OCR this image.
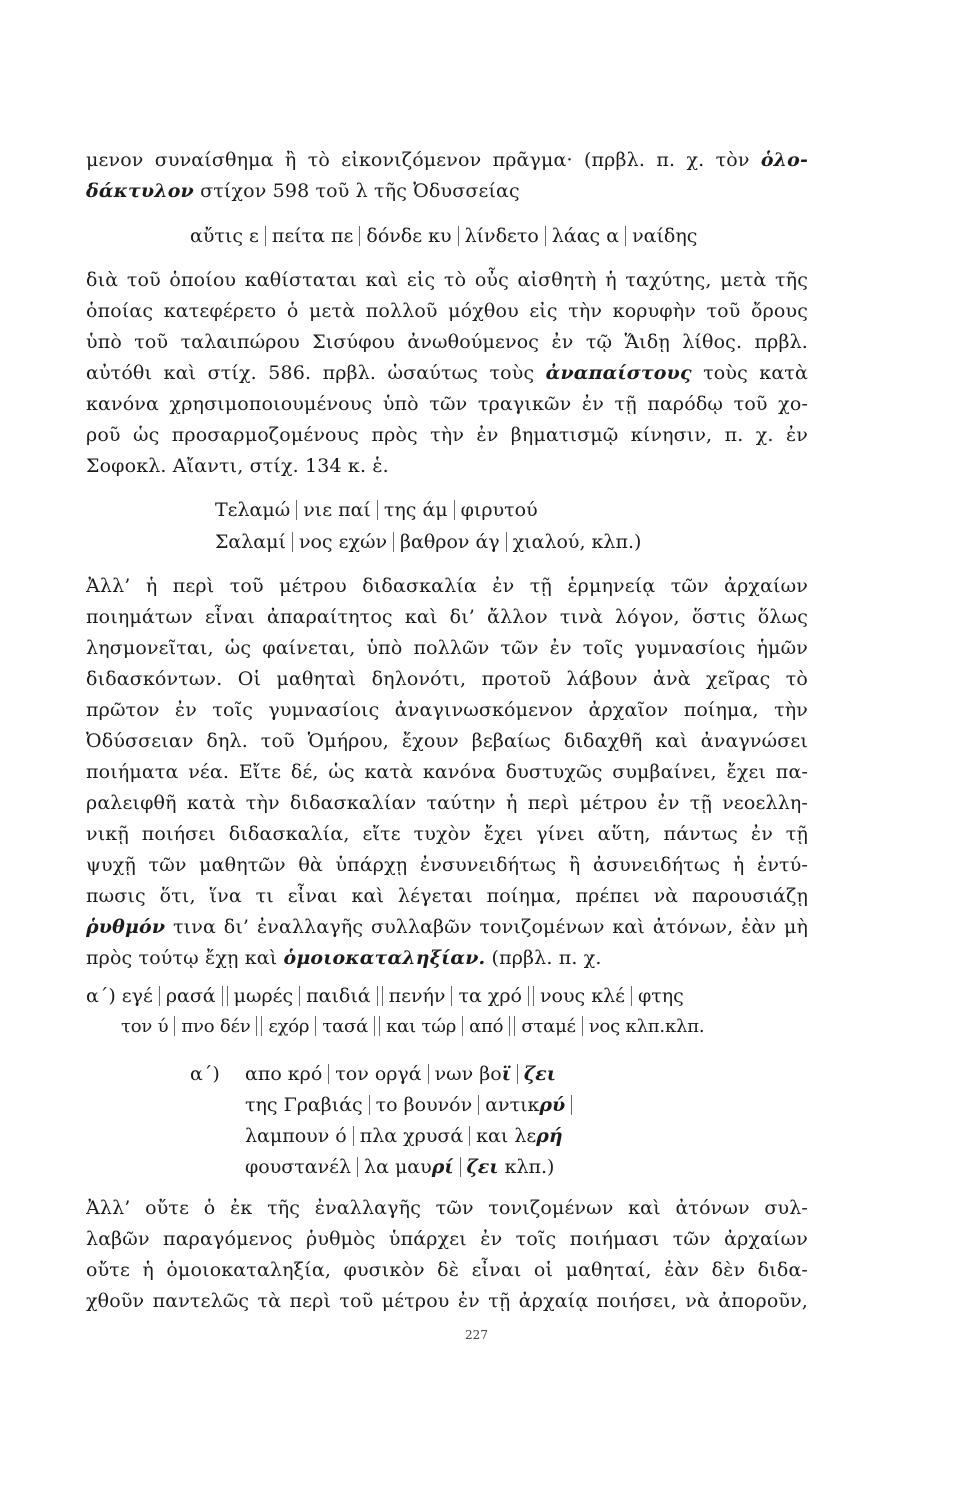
μενον συναίσθημα ἢ τὸ εἰκονιζόμενον πρᾶγμα· (πρβλ. π. χ. τὸν ὁλο-
δάκτυλον στίχον 598 τοῦ λ τῆς Ὀδυσσείας
αὔτις ε πείτα πε δόνδε κυ λίνδετο λάας α ναίδης
διὰ τοῦ ὁποίου καθίσταται καὶ εἰς τὸ οὖς αἰσθητὴ ἡ ταχύτης, μετὰ τῆς
ὁποίας κατεφέρετο ὁ μετὰ πολλοῦ μόχθου εἰς τὴν κορυφὴν τοῦ ὄρους
ὑπὸ τοῦ ταλαιπώρου Σισύφου ἀνωθούμενος ἐν τῷ Ἅιδῃ λίθος. πρβλ.
αὐτόθι καὶ στίχ. 586. πρβλ. ὡσαύτως τοὺς ἀναπαίστους τοὺς κατὰ
κανόνα χρησιμοποιουμένους ὑπὸ τῶν τραγικῶν ἐν τῇ παρόδῳ τοῦ χο-
ροῦ ὡς προσαρμοζομένους πρὸς τὴν ἐν βηματισμῷ κίνησιν, π. χ. ἐν
Σοφοκλ. Αἴαντι, στίχ. 134 κ. ἑ.
Τελαμώ νιε παί της άμ φιρυτού
Σαλαμί νος εχών βαθρον άγ χιαλού, κλπ.)
Ἀλλ’ ἡ περὶ τοῦ μέτρου διδασκαλία ἐν τῇ ἑρμηνείᾳ τῶν ἀρχαίων
ποιημάτων εἶναι ἀπαραίτητος καὶ δι’ ἄλλον τινὰ λόγον, ὅστις ὅλως
λησμονεῖται, ὡς φαίνεται, ὑπὸ πολλῶν τῶν ἐν τοῖς γυμνασίοις ἡμῶν
διδασκόντων. Οἱ μαθηταὶ δηλονότι, προτοῦ λάβουν ἀνὰ χεῖρας τὸ
πρῶτον ἐν τοῖς γυμνασίοις ἀναγινωσκόμενον ἀρχαῖον ποίημα, τὴν
Ὀδύσσειαν δηλ. τοῦ Ὁμήρου, ἔχουν βεβαίως διδαχθῆ καὶ ἀναγνώσει
ποιήματα νέα. Εἴτε δέ, ὡς κατὰ κανόνα δυστυχῶς συμβαίνει, ἔχει πα-
ραλειφθῆ κατὰ τὴν διδασκαλίαν ταύτην ἡ περὶ μέτρου ἐν τῇ νεοελλη-
νικῇ ποιήσει διδασκαλία, εἴτε τυχὸν ἔχει γίνει αὕτη, πάντως ἐν τῇ
ψυχῇ τῶν μαθητῶν θὰ ὑπάρχῃ ἐνσυνειδήτως ἢ ἀσυνειδήτως ἡ ἐντύ-
πωσις ὅτι, ἵνα τι εἶναι καὶ λέγεται ποίημα, πρέπει νὰ παρουσιάζῃ
ῥυθμόν τινα δι’ ἐναλλαγῆς συλλαβῶν τονιζομένων καὶ ἀτόνων, ἐὰν μὴ
πρὸς τούτῳ ἔχῃ καὶ ὁμοιοκαταληξίαν. (πρβλ. π. χ.
α΄) εγέ ρασά μωρές παιδιά πενήν τα χρό νους κλέ φτης
τον ύ πνο δέν εχόρ τασά και τώρ από σταμέ νος κλπ.κλπ.
α΄) απο κρό τον οργά νων βοϊ ζει
της Γραβιάς το βουνόν αντικρύ
λαμπουν ό πλα χρυσά και λερή
φουστανέλ λα μαυρί ζει κλπ.)
Ἀλλ’ οὔτε ὁ ἐκ τῆς ἐναλλαγῆς τῶν τονιζομένων καὶ ἀτόνων συλ-
λαβῶν παραγόμενος ῥυθμὸς ὑπάρχει ἐν τοῖς ποιήμασι τῶν ἀρχαίων
οὔτε ἡ ὁμοιοκαταληξία, φυσικὸν δὲ εἶναι οἱ μαθηταί, ἐὰν δὲν διδα-
χθοῦν παντελῶς τὰ περὶ τοῦ μέτρου ἐν τῇ ἀρχαίᾳ ποιήσει, νὰ ἀποροῦν,
227
